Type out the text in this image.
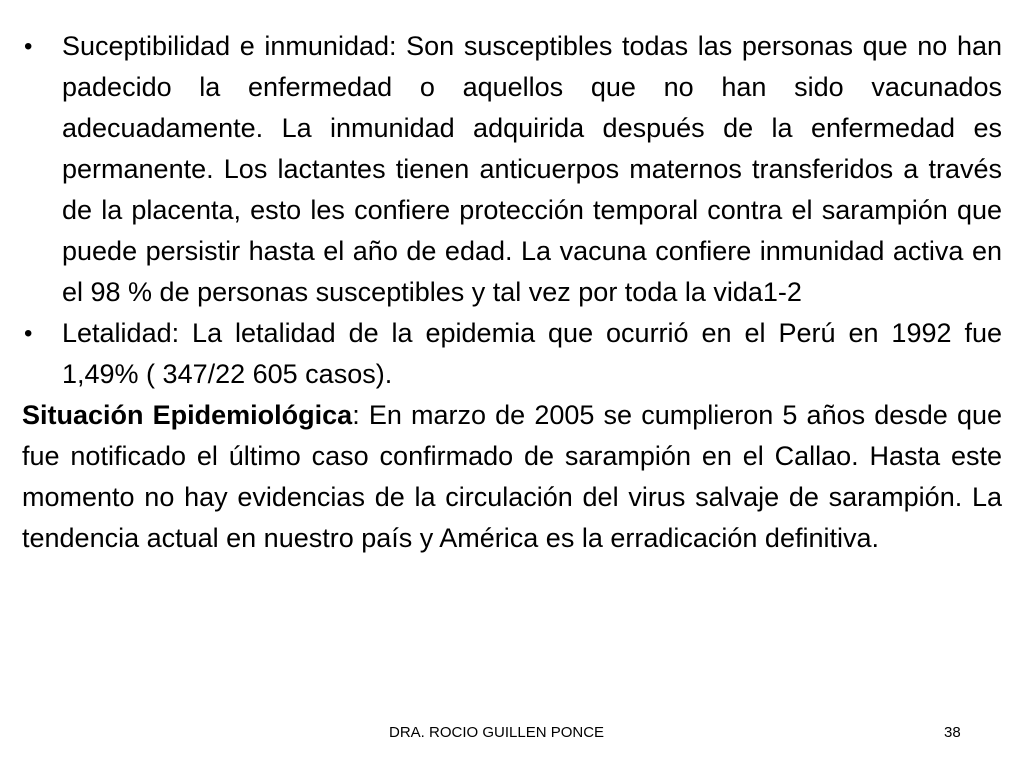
•	Suceptibilidad e inmunidad: Son susceptibles todas las personas que no han padecido la enfermedad o aquellos que no han sido vacunados adecuadamente. La inmunidad adquirida después de la enfermedad es permanente. Los lactantes tienen anticuerpos maternos transferidos a través de la placenta, esto les confiere protección temporal contra el sarampión que puede persistir hasta el año de edad. La vacuna confiere inmunidad activa en el 98 % de personas susceptibles y tal vez por toda la vida1-2
•	Letalidad: La letalidad de la epidemia que ocurrió en el Perú en 1992 fue 1,49% ( 347/22 605 casos).
Situación Epidemiológica: En marzo de 2005 se cumplieron 5 años desde que fue notificado el último caso confirmado de sarampión en el Callao. Hasta este momento no hay evidencias de la circulación del virus salvaje de sarampión. La tendencia actual en nuestro país y América es la erradicación definitiva.
DRA. ROCIO GUILLEN PONCE	38
